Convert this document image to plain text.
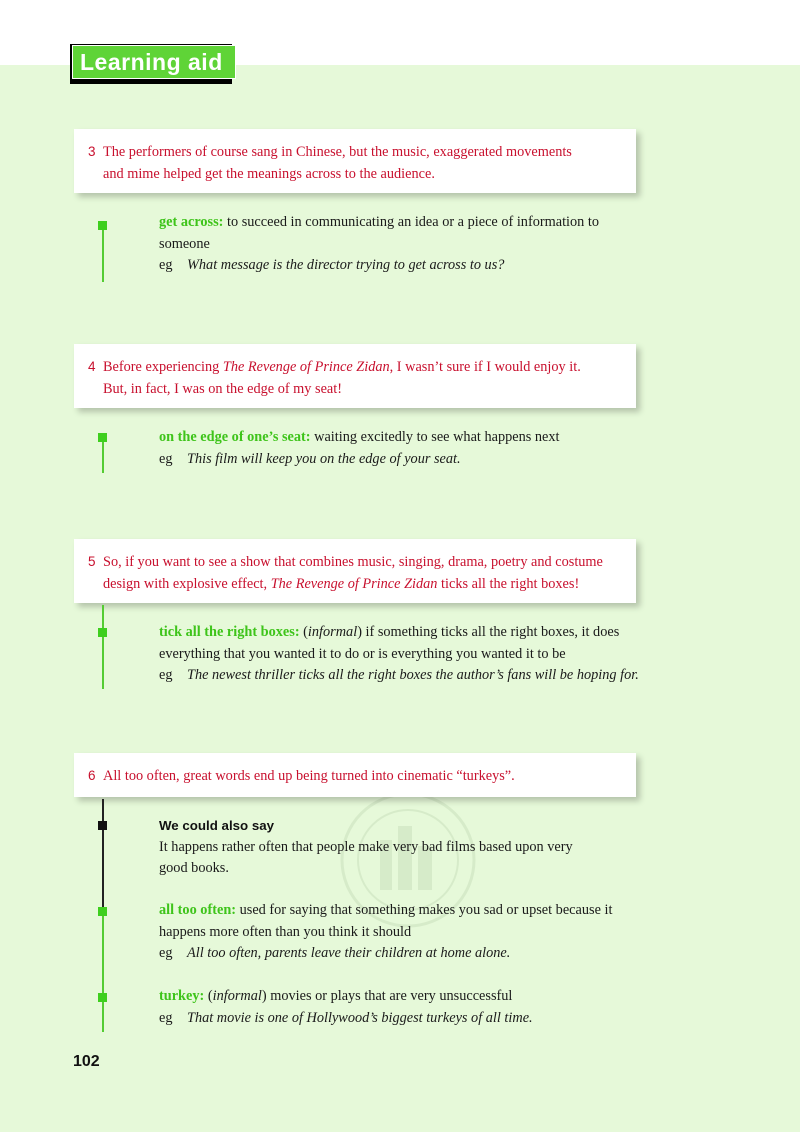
Learning aid
3 The performers of course sang in Chinese, but the music, exaggerated movements
and mime helped get the meanings across to the audience.
get across: to succeed in communicating an idea or a piece of information to
someone
eg What message is the director trying to get across to us?
4 Before experiencing The Revenge of Prince Zidan, I wasn’t sure if I would enjoy it.
But, in fact, I was on the edge of my seat!
on the edge of one’s seat: waiting excitedly to see what happens next
eg This film will keep you on the edge of your seat.
5 So, if you want to see a show that combines music, singing, drama, poetry and costume
design with explosive effect, The Revenge of Prince Zidan ticks all the right boxes!
tick all the right boxes: (informal) if something ticks all the right boxes, it does
everything that you wanted it to do or is everything you wanted it to be
eg The newest thriller ticks all the right boxes the author’s fans will be hoping for.
6 All too often, great words end up being turned into cinematic “turkeys”.
We could also say
It happens rather often that people make very bad films based upon very
good books.
all too often: used for saying that something makes you sad or upset because it
happens more often than you think it should
eg All too often, parents leave their children at home alone.
turkey: (informal) movies or plays that are very unsuccessful
eg That movie is one of Hollywood’s biggest turkeys of all time.
102
